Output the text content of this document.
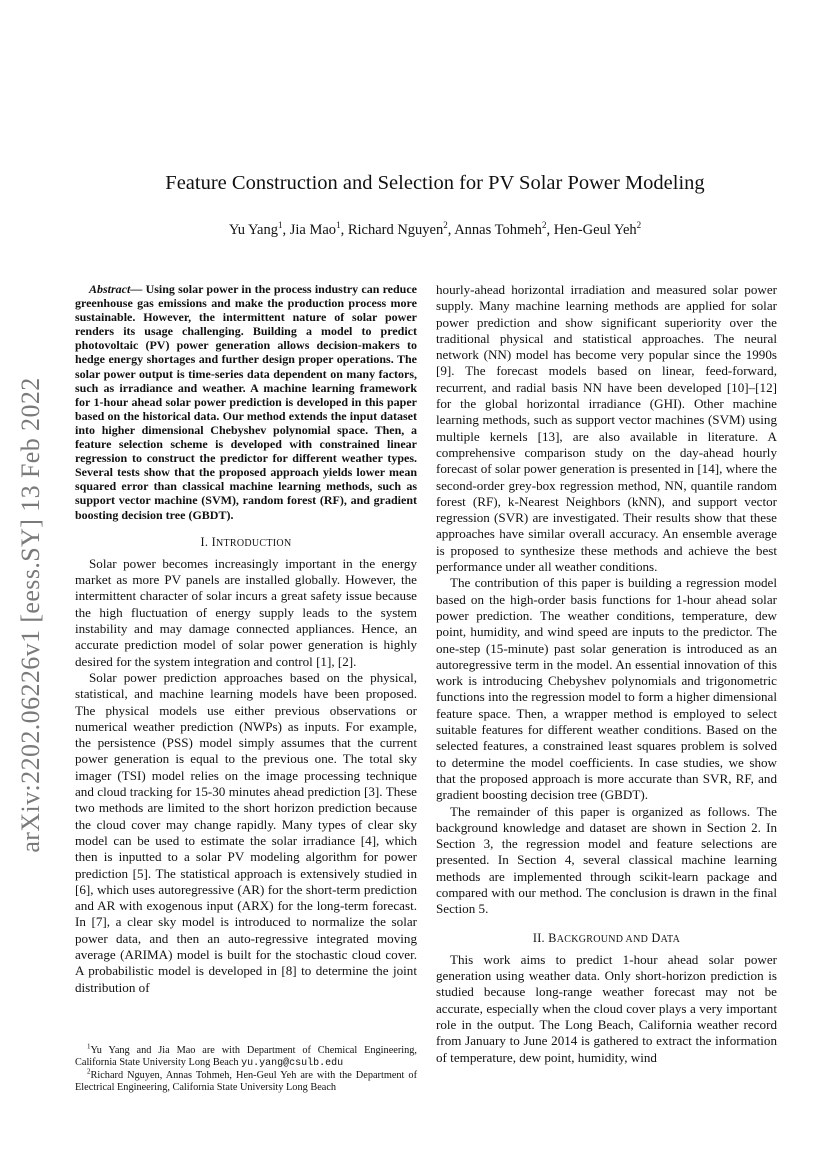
arXiv:2202.06226v1 [eess.SY] 13 Feb 2022
Feature Construction and Selection for PV Solar Power Modeling
Yu Yang$^1$, Jia Mao$^1$, Richard Nguyen$^2$, Annas Tohmeh$^2$, Hen-Geul Yeh$^2$

Abstract— Using solar power in the process industry can reduce greenhouse gas emissions and make the production process more sustainable. However, the intermittent nature of solar power renders its usage challenging. Building a model to predict photovoltaic (PV) power generation allows decision-makers to hedge energy shortages and further design proper operations. The solar power output is time-series data dependent on many factors, such as irradiance and weather. A machine learning framework for 1-hour ahead solar power prediction is developed in this paper based on the historical data. Our method extends the input dataset into higher dimensional Chebyshev polynomial space. Then, a feature selection scheme is developed with constrained linear regression to construct the predictor for different weather types. Several tests show that the proposed approach yields lower mean squared error than classical machine learning methods, such as support vector machine (SVM), random forest (RF), and gradient boosting decision tree (GBDT).

I. INTRODUCTION

Solar power becomes increasingly important in the energy market as more PV panels are installed globally. However, the intermittent character of solar incurs a great safety issue because the high fluctuation of energy supply leads to the system instability and may damage connected appliances. Hence, an accurate prediction model of solar power generation is highly desired for the system integration and control [1], [2].

Solar power prediction approaches based on the physical, statistical, and machine learning models have been proposed. The physical models use either previous observations or numerical weather prediction (NWPs) as inputs. For example, the persistence (PSS) model simply assumes that the current power generation is equal to the previous one. The total sky imager (TSI) model relies on the image processing technique and cloud tracking for 15-30 minutes ahead prediction [3]. These two methods are limited to the short horizon prediction because the cloud cover may change rapidly. Many types of clear sky model can be used to estimate the solar irradiance [4], which then is inputted to a solar PV modeling algorithm for power prediction [5]. The statistical approach is extensively studied in [6], which uses autoregressive (AR) for the short-term prediction and AR with exogenous input (ARX) for the long-term forecast. In [7], a clear sky model is introduced to normalize the solar power data, and then an auto-regressive integrated moving average (ARIMA) model is built for the stochastic cloud cover. A probabilistic model is developed in [8] to determine the joint distribution of

hourly-ahead horizontal irradiation and measured solar power supply. Many machine learning methods are applied for solar power prediction and show significant superiority over the traditional physical and statistical approaches. The neural network (NN) model has become very popular since the 1990s [9]. The forecast models based on linear, feed-forward, recurrent, and radial basis NN have been developed [10]–[12] for the global horizontal irradiance (GHI). Other machine learning methods, such as support vector machines (SVM) using multiple kernels [13], are also available in literature. A comprehensive comparison study on the day-ahead hourly forecast of solar power generation is presented in [14], where the second-order grey-box regression method, NN, quantile random forest (RF), k-Nearest Neighbors (kNN), and support vector regression (SVR) are investigated. Their results show that these approaches have similar overall accuracy. An ensemble average is proposed to synthesize these methods and achieve the best performance under all weather conditions.

The contribution of this paper is building a regression model based on the high-order basis functions for 1-hour ahead solar power prediction. The weather conditions, temperature, dew point, humidity, and wind speed are inputs to the predictor. The one-step (15-minute) past solar generation is introduced as an autoregressive term in the model. An essential innovation of this work is introducing Chebyshev polynomials and trigonometric functions into the regression model to form a higher dimensional feature space. Then, a wrapper method is employed to select suitable features for different weather conditions. Based on the selected features, a constrained least squares problem is solved to determine the model coefficients. In case studies, we show that the proposed approach is more accurate than SVR, RF, and gradient boosting decision tree (GBDT).

The remainder of this paper is organized as follows. The background knowledge and dataset are shown in Section 2. In Section 3, the regression model and feature selections are presented. In Section 4, several classical machine learning methods are implemented through scikit-learn package and compared with our method. The conclusion is drawn in the final Section 5.

II. BACKGROUND AND DATA

This work aims to predict 1-hour ahead solar power generation using weather data. Only short-horizon prediction is studied because long-range weather forecast may not be accurate, especially when the cloud cover plays a very important role in the output. The Long Beach, California weather record from January to June 2014 is gathered to extract the information of temperature, dew point, humidity, wind

$^1$Yu Yang and Jia Mao are with Department of Chemical Engineering, California State University Long Beach yu.yang@csulb.edu

$^2$Richard Nguyen, Annas Tohmeh, Hen-Geul Yeh are with the Department of Electrical Engineering, California State University Long Beach
